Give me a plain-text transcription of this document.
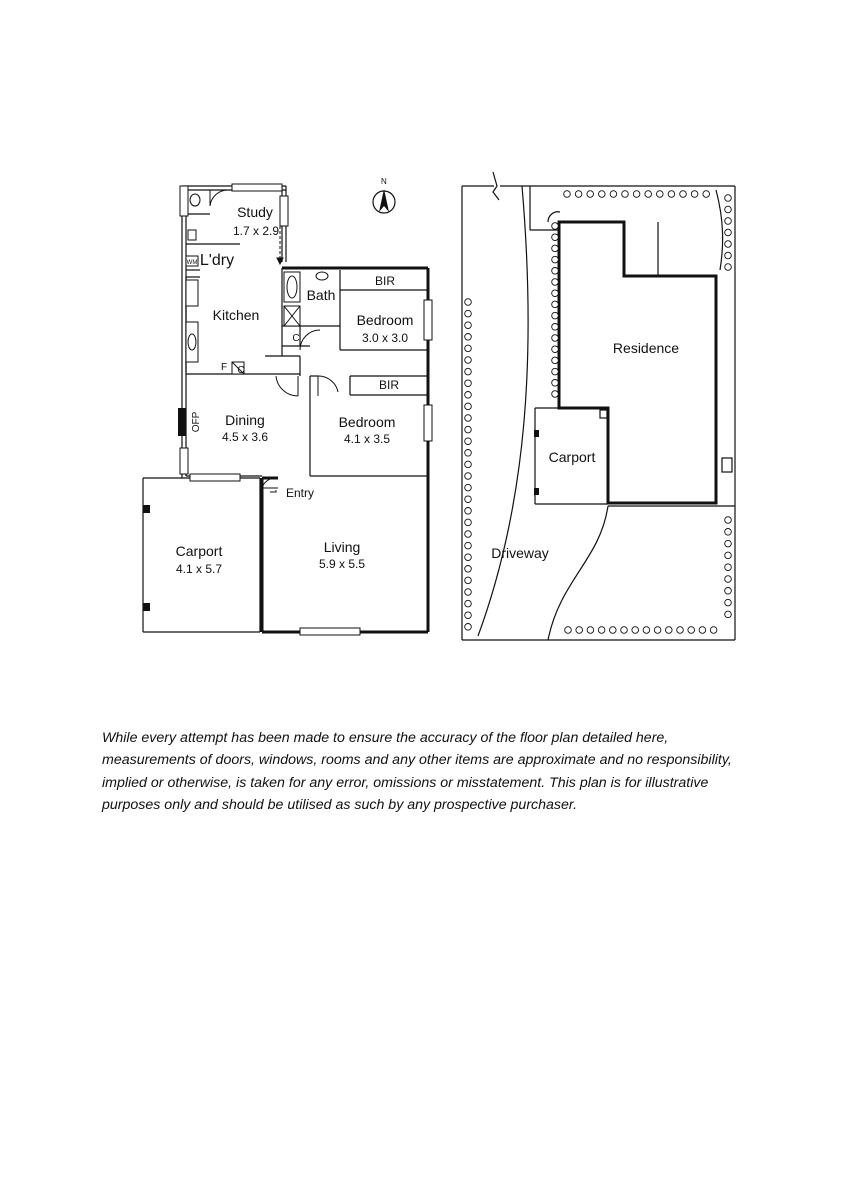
Study
1.7 x 2.9
L'dry
WM
Kitchen
Bath
C
F C
BIR
Bedroom
3.0 x 3.0
BIR
Bedroom
4.1 x 3.5
Dining
4.5 x 3.6
OFP
Entry
Carport
4.1 x 5.7
Living
5.9 x 5.5
N
Residence
Carport
Driveway

While every attempt has been made to ensure the accuracy of the floor plan detailed here, measurements of doors, windows, rooms and any other items are approximate and no responsibility, implied or otherwise, is taken for any error, omissions or misstatement. This plan is for illustrative purposes only and should be utilised as such by any prospective purchaser.
